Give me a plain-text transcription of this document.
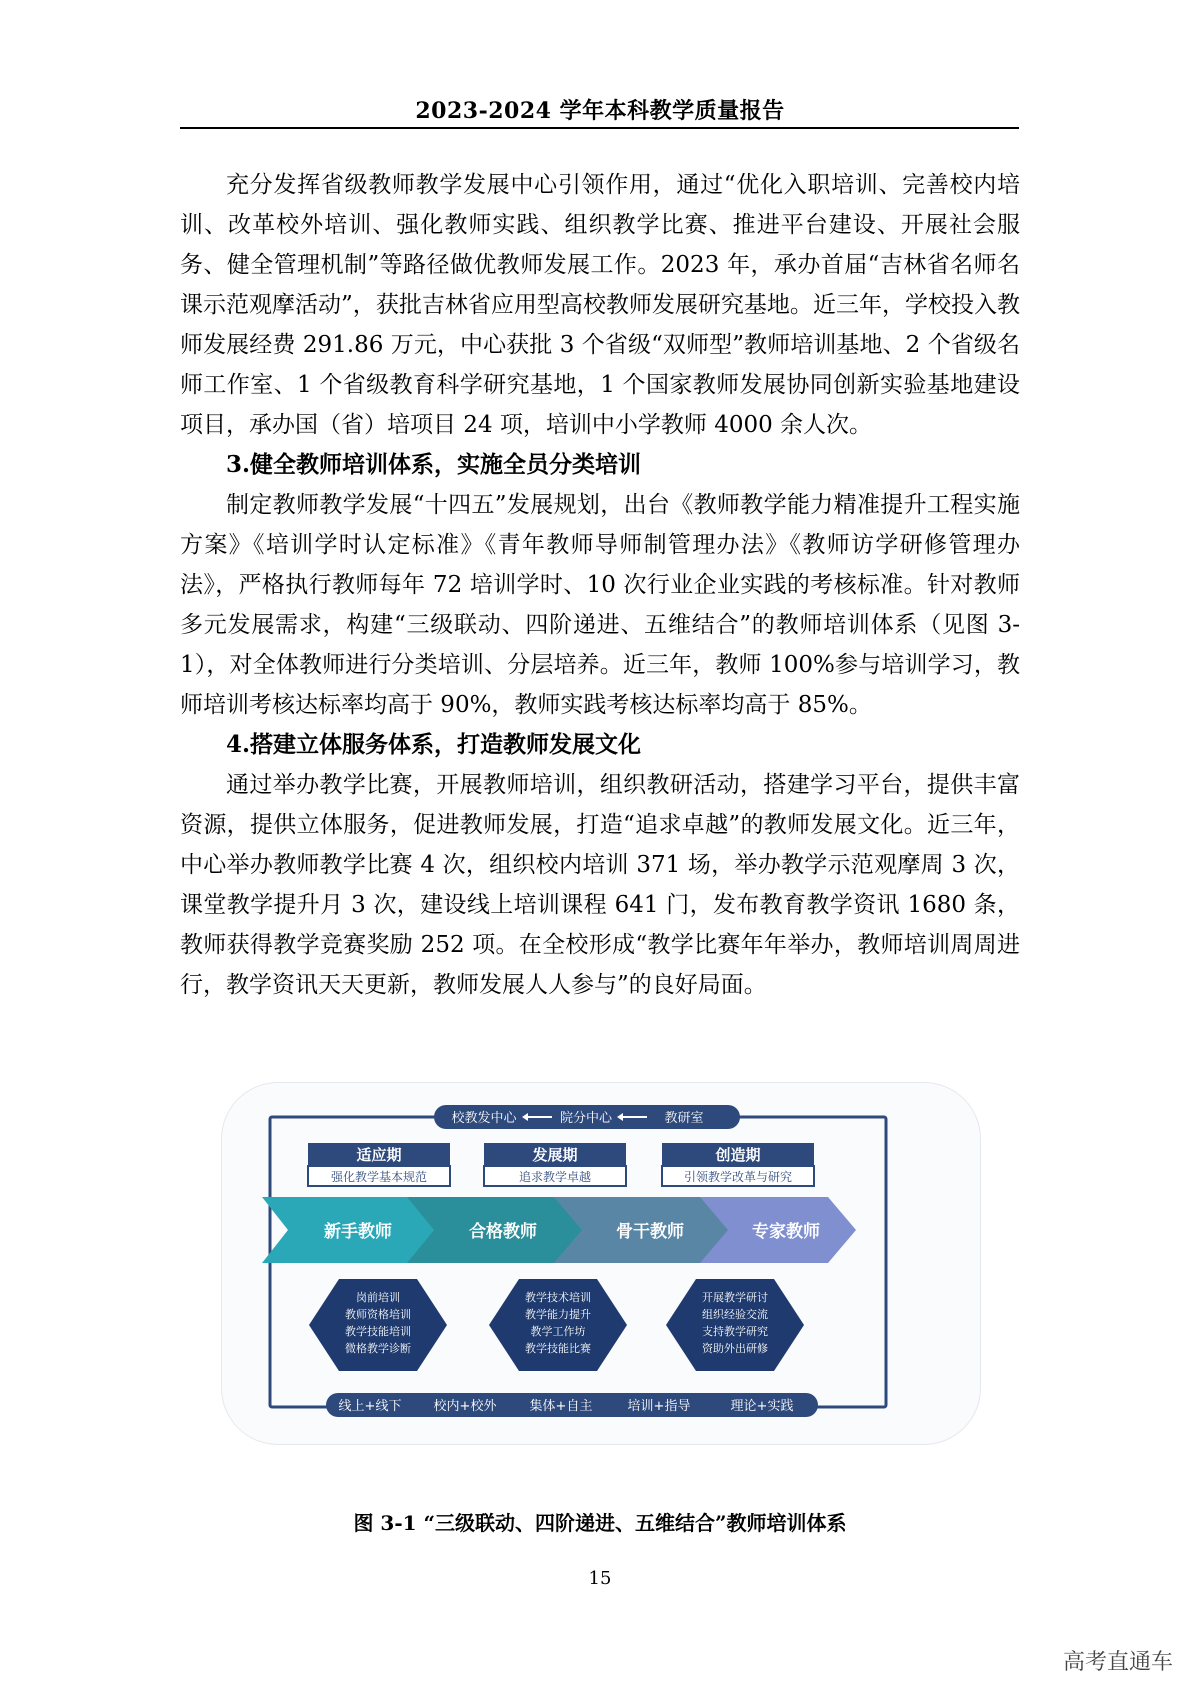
2023-2024 学年本科教学质量报告

充分发挥省级教师教学发展中心引领作用，通过“优化入职培训、完善校内培训、改革校外培训、强化教师实践、组织教学比赛、推进平台建设、开展社会服务、健全管理机制”等路径做优教师发展工作。2023 年，承办首届“吉林省名师名课示范观摩活动”，获批吉林省应用型高校教师发展研究基地。近三年，学校投入教师发展经费 291.86 万元，中心获批 3 个省级“双师型”教师培训基地、2 个省级名师工作室、1 个省级教育科学研究基地，1 个国家教师发展协同创新实验基地建设项目，承办国（省）培项目 24 项，培训中小学教师 4000 余人次。

3.健全教师培训体系，实施全员分类培训

制定教师教学发展“十四五”发展规划，出台《教师教学能力精准提升工程实施方案》《培训学时认定标准》《青年教师导师制管理办法》《教师访学研修管理办法》，严格执行教师每年 72 培训学时、10 次行业企业实践的考核标准。针对教师多元发展需求，构建“三级联动、四阶递进、五维结合”的教师培训体系（见图 3-1），对全体教师进行分类培训、分层培养。近三年，教师 100%参与培训学习，教师培训考核达标率均高于 90%，教师实践考核达标率均高于 85%。

4.搭建立体服务体系，打造教师发展文化

通过举办教学比赛，开展教师培训，组织教研活动，搭建学习平台，提供丰富资源，提供立体服务，促进教师发展，打造“追求卓越”的教师发展文化。近三年，中心举办教师教学比赛 4 次，组织校内培训 371 场，举办教学示范观摩周 3 次，课堂教学提升月 3 次，建设线上培训课程 641 门，发布教育教学资讯 1680 条，教师获得教学竞赛奖励 252 项。在全校形成“教学比赛年年举办，教师培训周周进行，教学资讯天天更新，教师发展人人参与”的良好局面。

校教发中心	院分中心	教研室
适应期
强化教学基本规范
发展期
追求教学卓越
创造期
引领教学改革与研究
新手教师	合格教师	骨干教师	专家教师
岗前培训
教师资格培训
教学技能培训
微格教学诊断
教学技术培训
教学能力提升
教学工作坊
教学技能比赛
开展教学研讨
组织经验交流
支持教学研究
资助外出研修
线上+线下 校内+校外	集体+自主	培训+指导	理论+实践
图 3-1 “三级联动、四阶递进、五维结合”教师培训体系
15
高考直通车
